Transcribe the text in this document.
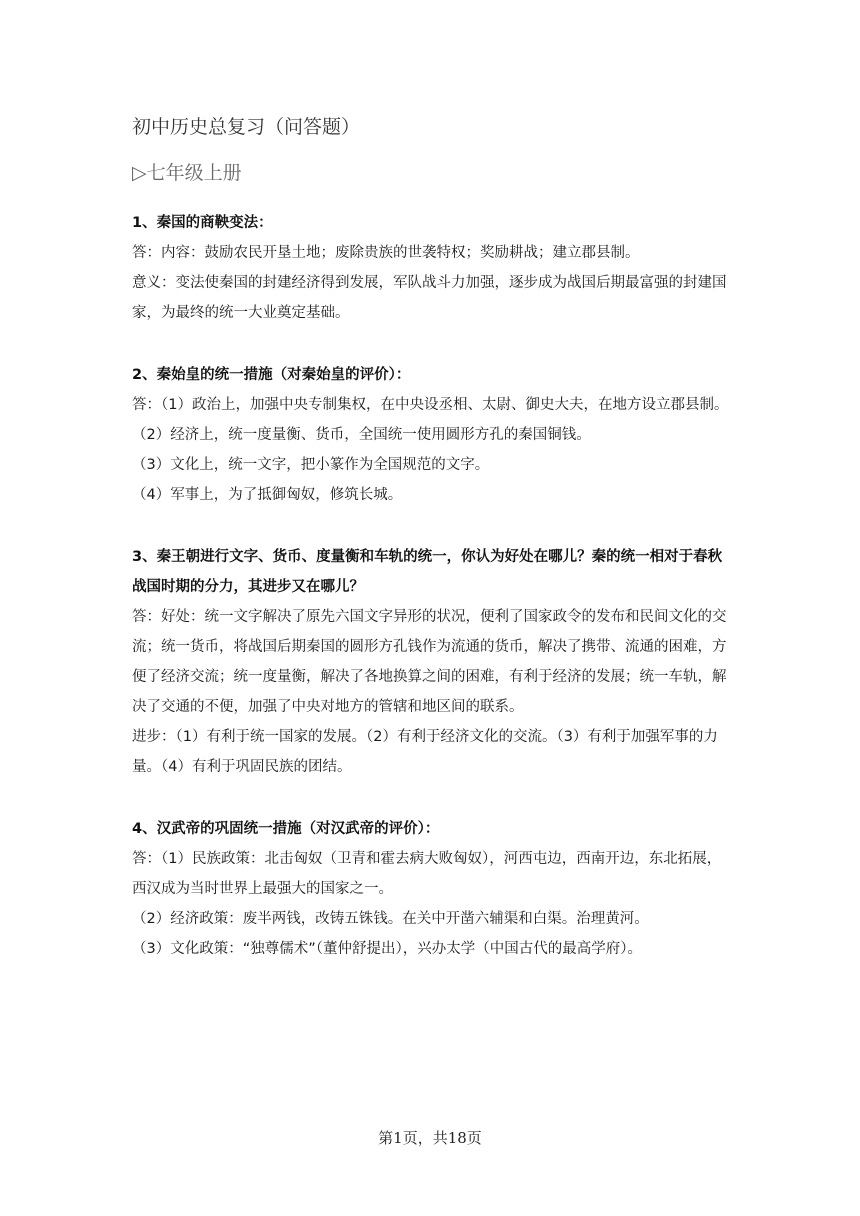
初中历史总复习（问答题）
▷七年级上册
1、秦国的商鞅变法：
答：内容：鼓励农民开垦土地；废除贵族的世袭特权；奖励耕战；建立郡县制。
意义：变法使秦国的封建经济得到发展，军队战斗力加强，逐步成为战国后期最富强的封建国家，为最终的统一大业奠定基础。
2、秦始皇的统一措施（对秦始皇的评价）：
答：（1）政治上，加强中央专制集权，在中央设丞相、太尉、御史大夫，在地方设立郡县制。
（2）经济上，统一度量衡、货币，全国统一使用圆形方孔的秦国铜钱。
（3）文化上，统一文字，把小篆作为全国规范的文字。
（4）军事上，为了抵御匈奴，修筑长城。
3、秦王朝进行文字、货币、度量衡和车轨的统一，你认为好处在哪儿？秦的统一相对于春秋战国时期的分力，其进步又在哪儿？
答：好处：统一文字解决了原先六国文字异形的状况，便利了国家政令的发布和民间文化的交流；统一货币，将战国后期秦国的圆形方孔钱作为流通的货币，解决了携带、流通的困难，方便了经济交流；统一度量衡，解决了各地换算之间的困难，有利于经济的发展；统一车轨，解决了交通的不便，加强了中央对地方的管辖和地区间的联系。
进步：（1）有利于统一国家的发展。（2）有利于经济文化的交流。（3）有利于加强军事的力量。（4）有利于巩固民族的团结。
4、汉武帝的巩固统一措施（对汉武帝的评价）：
答：（1）民族政策：北击匈奴（卫青和霍去病大败匈奴），河西屯边，西南开边，东北拓展，西汉成为当时世界上最强大的国家之一。
（2）经济政策：废半两钱，改铸五铢钱。在关中开凿六辅渠和白渠。治理黄河。
（3）文化政策：“独尊儒术”（董仲舒提出），兴办太学（中国古代的最高学府）。
第1页，共18页
